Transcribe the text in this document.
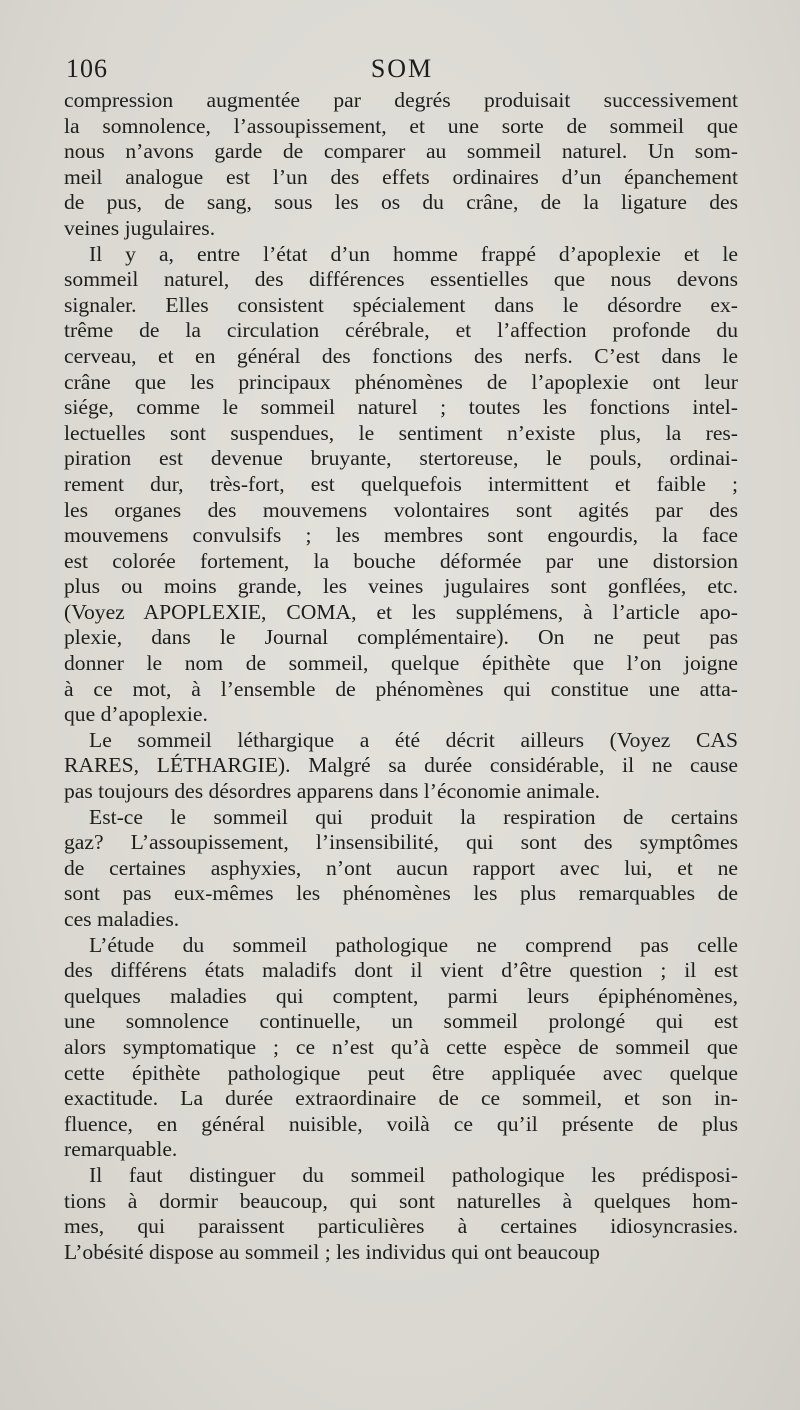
106	SOM

compression augmentée par degrés produisait successivement
la somnolence, l’assoupissement, et une sorte de sommeil que
nous n’avons garde de comparer au sommeil naturel. Un som-
meil analogue est l’un des effets ordinaires d’un épanchement
de pus, de sang, sous les os du crâne, de la ligature des
veines jugulaires.

Il y a, entre l’état d’un homme frappé d’apoplexie et le
sommeil naturel, des différences essentielles que nous devons
signaler. Elles consistent spécialement dans le désordre ex-
trême de la circulation cérébrale, et l’affection profonde du
cerveau, et en général des fonctions des nerfs. C’est dans le
crâne que les principaux phénomènes de l’apoplexie ont leur
siége, comme le sommeil naturel ; toutes les fonctions intel-
lectuelles sont suspendues, le sentiment n’existe plus, la res-
piration est devenue bruyante, stertoreuse, le pouls, ordinai-
rement dur, très-fort, est quelquefois intermittent et faible ;
les organes des mouvemens volontaires sont agités par des
mouvemens convulsifs ; les membres sont engourdis, la face
est colorée fortement, la bouche déformée par une distorsion
plus ou moins grande, les veines jugulaires sont gonflées, etc.
(Voyez APOPLEXIE, COMA, et les supplémens, à l’article apo-
plexie, dans le Journal complémentaire). On ne peut pas
donner le nom de sommeil, quelque épithète que l’on joigne
à ce mot, à l’ensemble de phénomènes qui constitue une atta-
que d’apoplexie.

Le sommeil léthargique a été décrit ailleurs (Voyez CAS
RARES, LÉTHARGIE). Malgré sa durée considérable, il ne cause
pas toujours des désordres apparens dans l’économie animale.

Est-ce le sommeil qui produit la respiration de certains
gaz? L’assoupissement, l’insensibilité, qui sont des symptômes
de certaines asphyxies, n’ont aucun rapport avec lui, et ne
sont pas eux-mêmes les phénomènes les plus remarquables de
ces maladies.

L’étude du sommeil pathologique ne comprend pas celle
des différens états maladifs dont il vient d’être question ; il est
quelques maladies qui comptent, parmi leurs épiphénomènes,
une somnolence continuelle, un sommeil prolongé qui est
alors symptomatique ; ce n’est qu’à cette espèce de sommeil que
cette épithète pathologique peut être appliquée avec quelque
exactitude. La durée extraordinaire de ce sommeil, et son in-
fluence, en général nuisible, voilà ce qu’il présente de plus
remarquable.

Il faut distinguer du sommeil pathologique les prédisposi-
tions à dormir beaucoup, qui sont naturelles à quelques hom-
mes, qui paraissent particulières à certaines idiosyncrasies.
L’obésité dispose au sommeil ; les individus qui ont beaucoup
